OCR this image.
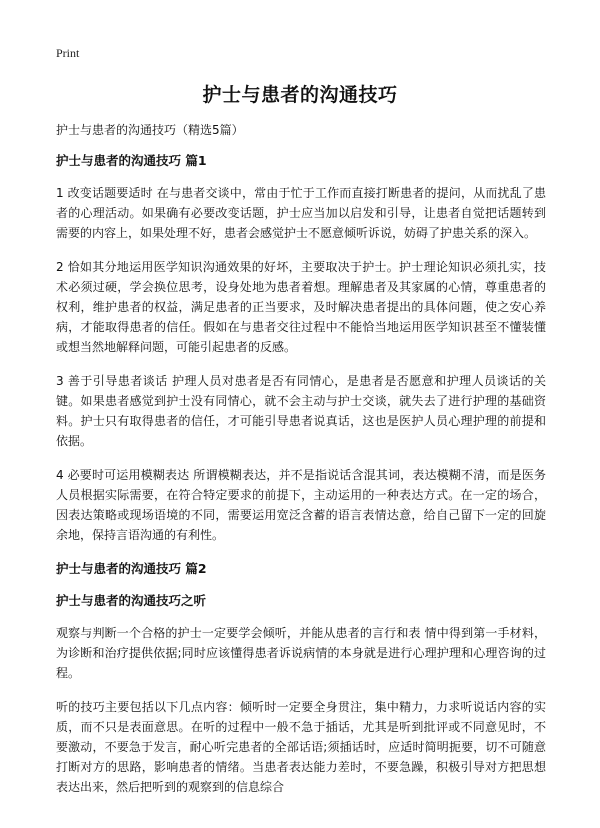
Print
护士与患者的沟通技巧

护士与患者的沟通技巧（精选5篇）

护士与患者的沟通技巧 篇1

1 改变话题要适时 在与患者交谈中，常由于忙于工作而直接打断患者的提问，从而扰乱了患者的心理活动。如果确有必要改变话题，护士应当加以启发和引导，让患者自觉把话题转到需要的内容上，如果处理不好，患者会感觉护士不愿意倾听诉说，妨碍了护患关系的深入。

2 恰如其分地运用医学知识沟通效果的好坏，主要取决于护士。护士理论知识必须扎实，技术必须过硬，学会换位思考，设身处地为患者着想。理解患者及其家属的心情，尊重患者的权利，维护患者的权益，满足患者的正当要求，及时解决患者提出的具体问题，使之安心养病，才能取得患者的信任。假如在与患者交往过程中不能恰当地运用医学知识甚至不懂装懂或想当然地解释问题，可能引起患者的反感。

3 善于引导患者谈话 护理人员对患者是否有同情心，是患者是否愿意和护理人员谈话的关键。如果患者感觉到护士没有同情心，就不会主动与护士交谈，就失去了进行护理的基础资料。护士只有取得患者的信任，才可能引导患者说真话，这也是医护人员心理护理的前提和依据。

4 必要时可运用模糊表达 所谓模糊表达，并不是指说话含混其词，表达模糊不清，而是医务人员根据实际需要，在符合特定要求的前提下，主动运用的一种表达方式。在一定的场合，因表达策略或现场语境的不同，需要运用宽泛含蓄的语言表情达意，给自己留下一定的回旋余地，保持言语沟通的有利性。

护士与患者的沟通技巧 篇2

护士与患者的沟通技巧之听

观察与判断一个合格的护士一定要学会倾听，并能从患者的言行和表 情中得到第一手材料，为诊断和治疗提供依据;同时应该懂得患者诉说病情的本身就是进行心理护理和心理咨询的过程。

听的技巧主要包括以下几点内容：倾听时一定要全身贯注，集中精力，力求听说话内容的实质，而不只是表面意思。在听的过程中一般不急于插话，尤其是听到批评或不同意见时，不要激动，不要急于发言，耐心听完患者的全部话语;须插话时，应适时简明扼要，切不可随意打断对方的思路，影响患者的情绪。当患者表达能力差时，不要急躁，积极引导对方把思想表达出来，然后把听到的观察到的信息综合
